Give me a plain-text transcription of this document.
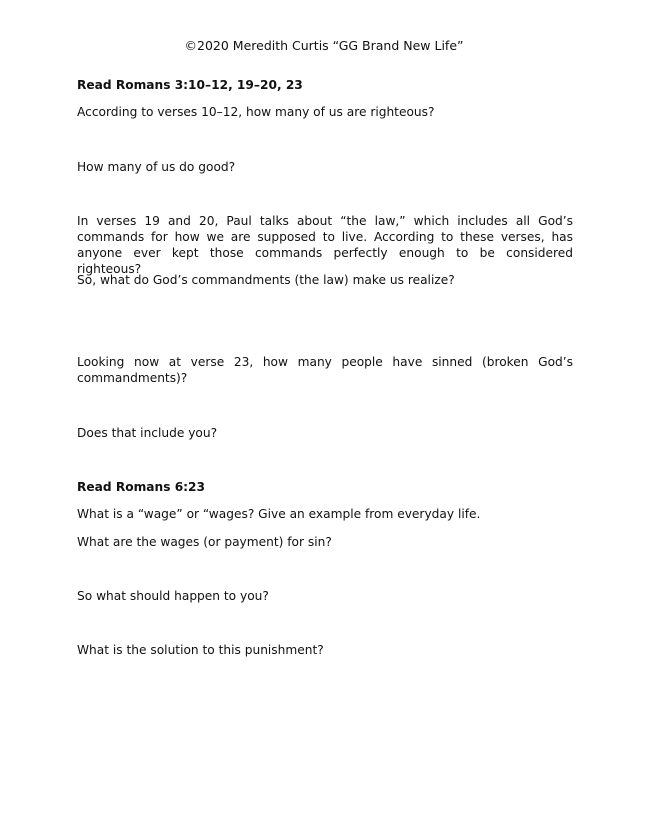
©2020 Meredith Curtis “GG Brand New Life”
Read Romans 3:10–12, 19–20, 23
According to verses 10–12, how many of us are righteous?
How many of us do good?
In verses 19 and 20, Paul talks about “the law,” which includes all God’s commands for how we are supposed to live. According to these verses, has anyone ever kept those commands perfectly enough to be considered righteous?
So, what do God’s commandments (the law) make us realize?
Looking now at verse 23, how many people have sinned (broken God’s commandments)?
Does that include you?
Read Romans 6:23
What is a “wage” or “wages? Give an example from everyday life.
What are the wages (or payment) for sin?
So what should happen to you?
What is the solution to this punishment?
